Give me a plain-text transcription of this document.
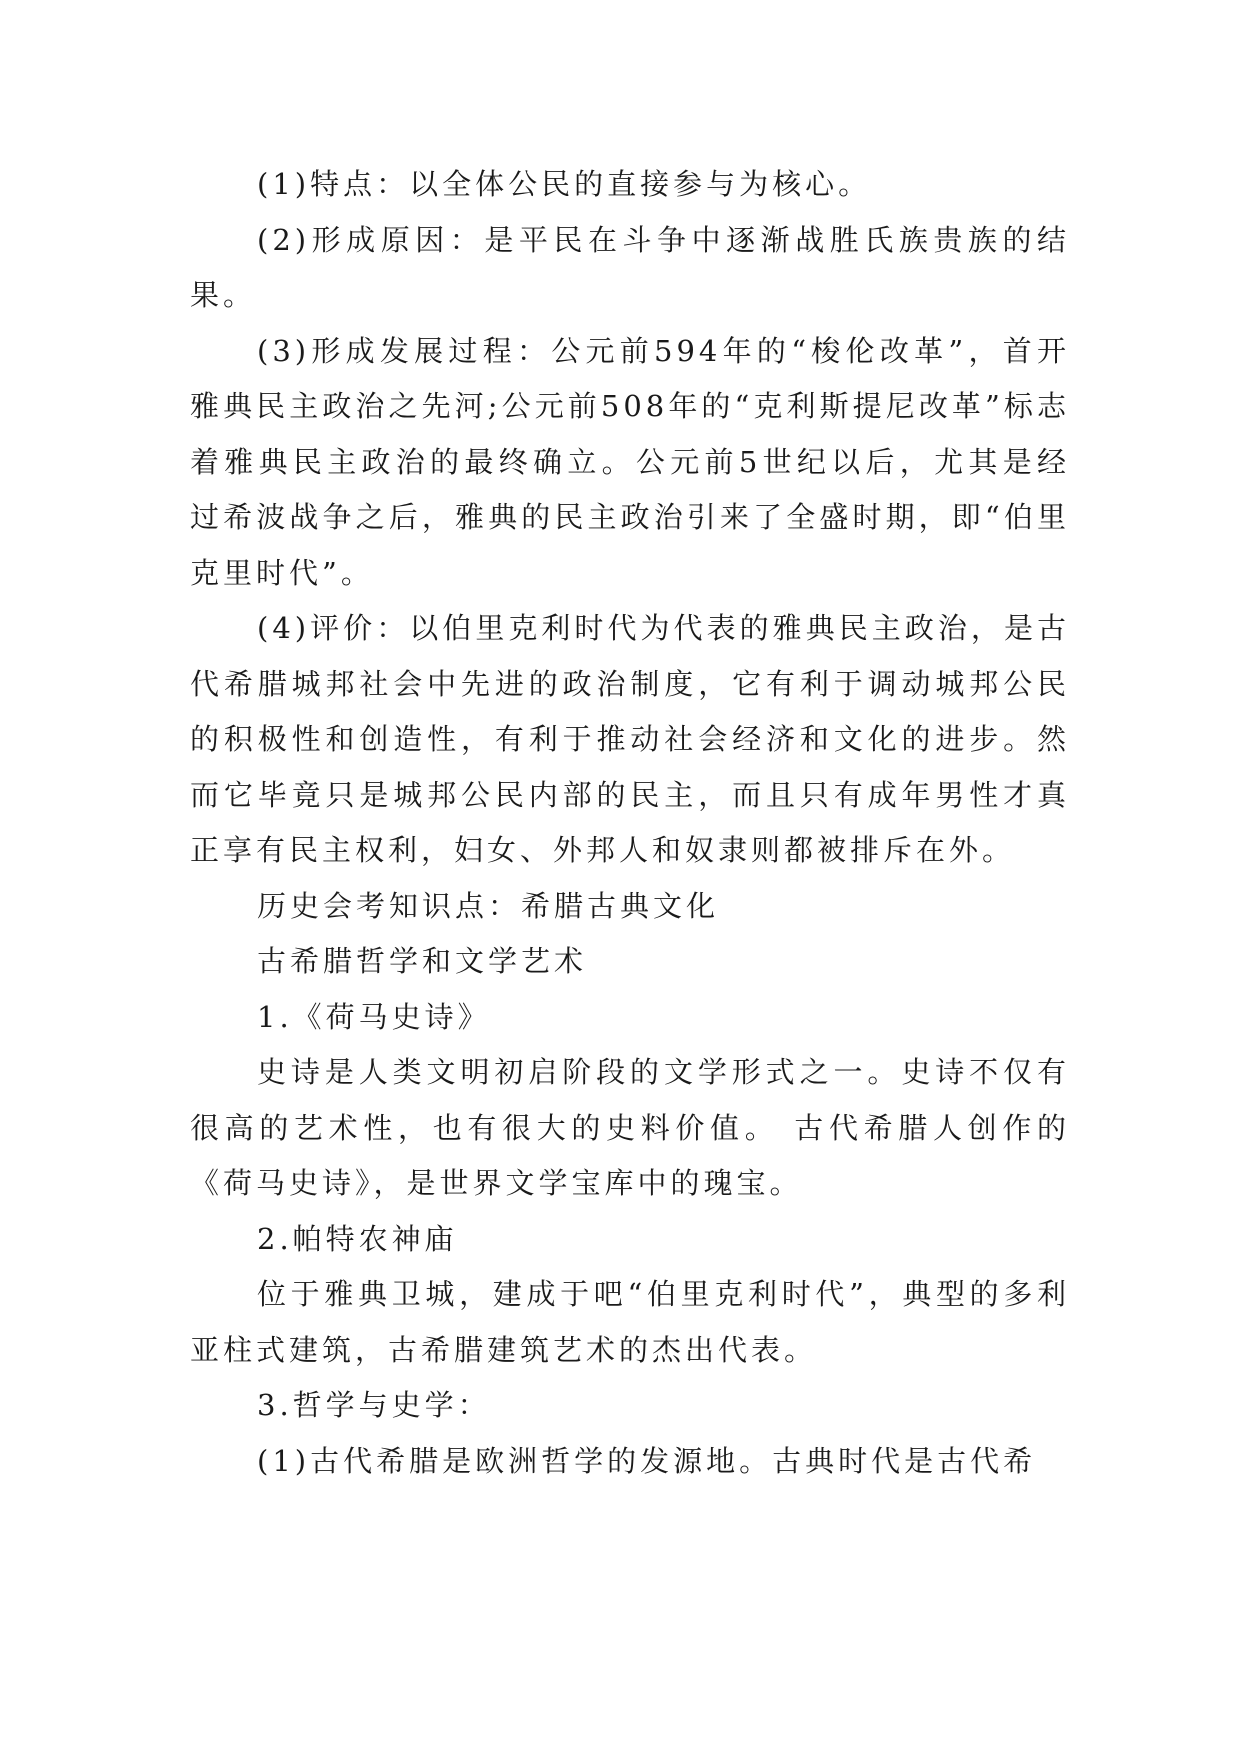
(1)特点：以全体公民的直接参与为核心。

(2)形成原因：是平民在斗争中逐渐战胜氏族贵族的结果。

(3)形成发展过程：公元前594年的“梭伦改革”，首开雅典民主政治之先河;公元前508年的“克利斯提尼改革”标志着雅典民主政治的最终确立。公元前5世纪以后，尤其是经过希波战争之后，雅典的民主政治引来了全盛时期，即“伯里克里时代”。

(4)评价：以伯里克利时代为代表的雅典民主政治，是古代希腊城邦社会中先进的政治制度，它有利于调动城邦公民的积极性和创造性，有利于推动社会经济和文化的进步。然而它毕竟只是城邦公民内部的民主，而且只有成年男性才真正享有民主权利，妇女、外邦人和奴隶则都被排斥在外。

历史会考知识点：希腊古典文化

古希腊哲学和文学艺术

1.《荷马史诗》

史诗是人类文明初启阶段的文学形式之一。史诗不仅有很高的艺术性，也有很大的史料价值。 古代希腊人创作的《荷马史诗》，是世界文学宝库中的瑰宝。

2.帕特农神庙

位于雅典卫城，建成于吧“伯里克利时代”，典型的多利亚柱式建筑，古希腊建筑艺术的杰出代表。

3.哲学与史学：

(1)古代希腊是欧洲哲学的发源地。古典时代是古代希
